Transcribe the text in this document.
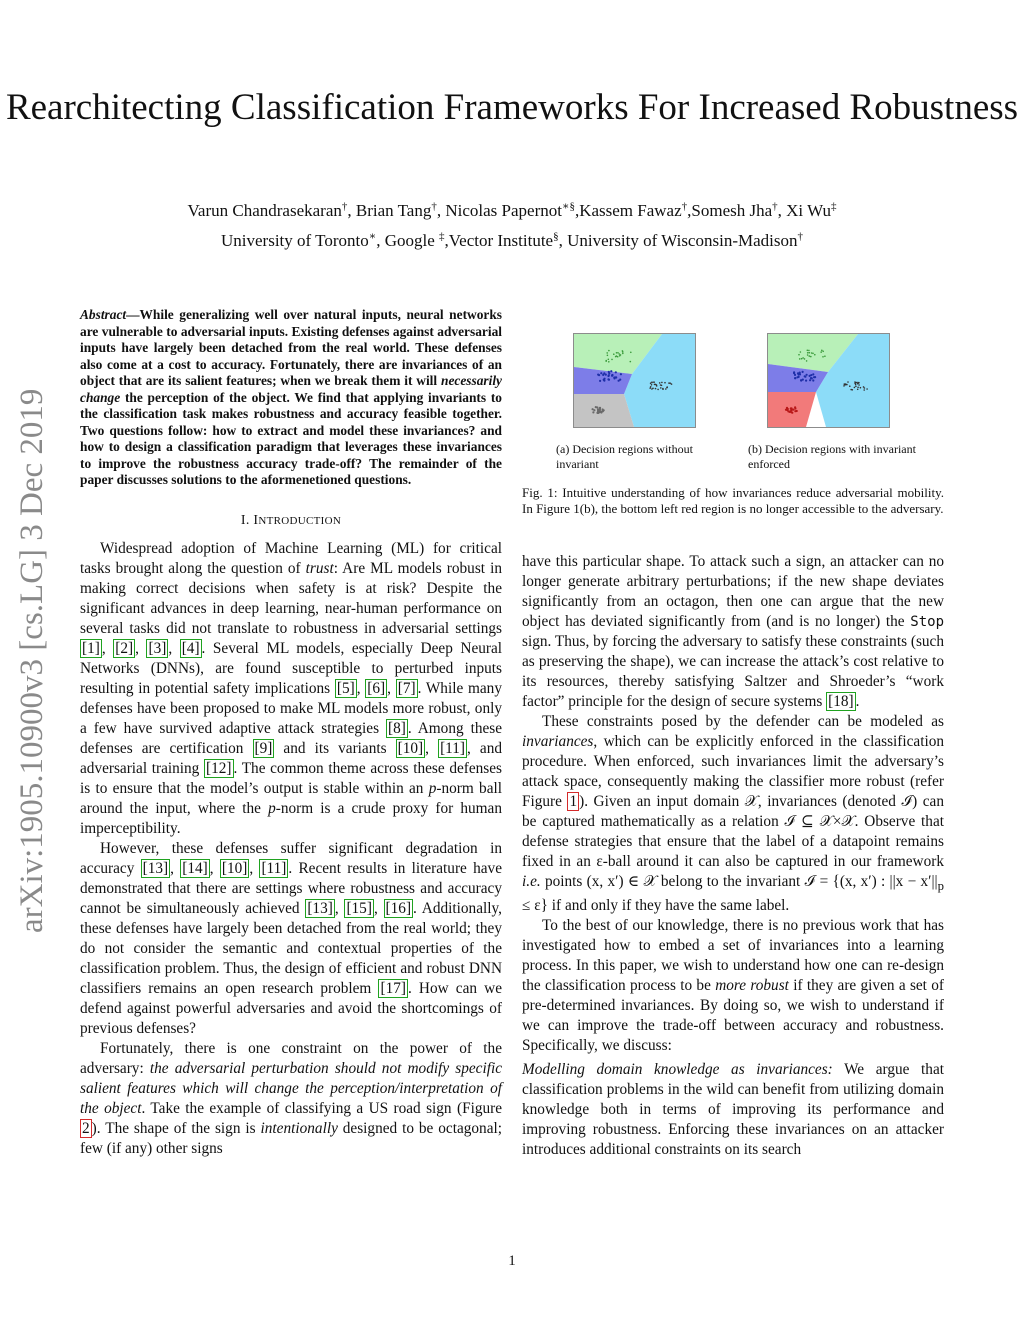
Rearchitecting Classification Frameworks For Increased Robustness
Varun Chandrasekaran†, Brian Tang†, Nicolas Papernot∗§,Kassem Fawaz†,Somesh Jha†, Xi Wu‡
University of Toronto∗, Google ‡,Vector Institute§, University of Wisconsin-Madison†
arXiv:1905.10900v3 [cs.LG] 3 Dec 2019

Abstract—While generalizing well over natural inputs, neural networks are vulnerable to adversarial inputs. Existing defenses against adversarial inputs have largely been detached from the real world. These defenses also come at a cost to accuracy. Fortunately, there are invariances of an object that are its salient features; when we break them it will necessarily change the perception of the object. We find that applying invariants to the classification task makes robustness and accuracy feasible together. Two questions follow: how to extract and model these invariances? and how to design a classification paradigm that leverages these invariances to improve the robustness accuracy trade-off? The remainder of the paper discusses solutions to the aformenetioned questions.

I. INTRODUCTION

Widespread adoption of Machine Learning (ML) for critical tasks brought along the question of trust: Are ML models robust in making correct decisions when safety is at risk? Despite the significant advances in deep learning, near-human performance on several tasks did not translate to robustness in adversarial settings [1] , [2] , [3] , [4] . Several ML models, especially Deep Neural Networks (DNNs), are found susceptible to perturbed inputs resulting in potential safety implications [5] , [6] , [7] . While many defenses have been proposed to make ML models more robust, only a few have survived adaptive attack strategies [8] . Among these defenses are certification [9] and its variants [10] , [11] , and adversarial training [12] . The common theme across these defenses is to ensure that the model’s output is stable within an p-norm ball around the input, where the p-norm is a crude proxy for human imperceptibility.

However, these defenses suffer significant degradation in accuracy [13] , [14] , [10] , [11] . Recent results in literature have demonstrated that there are settings where robustness and accuracy cannot be simultaneously achieved [13] , [15] , [16] . Additionally, these defenses have largely been detached from the real world; they do not consider the semantic and contextual properties of the classification problem. Thus, the design of efficient and robust DNN classifiers remains an open research problem [17] . How can we defend against powerful adversaries and avoid the shortcomings of previous defenses?

Fortunately, there is one constraint on the power of the adversary: the adversarial perturbation should not modify specific salient features which will change the perception/interpretation of the object. Take the example of classifying a US road sign (Figure 2 ). The shape of the sign is intentionally designed to be octagonal; few (if any) other signs

(a) Decision regions without invariant
(b) Decision regions with invariant enforced
Fig. 1: Intuitive understanding of how invariances reduce adversarial mobility. In Figure 1(b), the bottom left red region is no longer accessible to the adversary.

have this particular shape. To attack such a sign, an attacker can no longer generate arbitrary perturbations; if the new shape deviates significantly from an octagon, then one can argue that the new object has deviated significantly from (and is no longer) the Stop sign. Thus, by forcing the adversary to satisfy these constraints (such as preserving the shape), we can increase the attack’s cost relative to its resources, thereby satisfying Saltzer and Shroeder’s “work factor” principle for the design of secure systems [18] .

These constraints posed by the defender can be modeled as invariances, which can be explicitly enforced in the classification procedure. When enforced, such invariances limit the adversary’s attack space, consequently making the classifier more robust (refer Figure 1 ). Given an input domain 𝒳, invariances (denoted ℐ) can be captured mathematically as a relation ℐ ⊆ 𝒳×𝒳. Observe that defense strategies that ensure that the label of a datapoint remains fixed in an ε-ball around it can also be captured in our framework i.e. points (x, x′) ∈ 𝒳 belong to the invariant ℐ = {(x, x′) : $||x - x'||_p \le \varepsilon$} if and only if they have the same label.

To the best of our knowledge, there is no previous work that has investigated how to embed a set of invariances into a learning process. In this paper, we wish to understand how one can re-design the classification process to be more robust if they are given a set of pre-determined invariances. By doing so, we wish to understand if we can improve the trade-off between accuracy and robustness. Specifically, we discuss:

Modelling domain knowledge as invariances: We argue that classification problems in the wild can benefit from utilizing domain knowledge both in terms of improving its performance and improving robustness. Enforcing these invariances on an attacker introduces additional constraints on its search

1
